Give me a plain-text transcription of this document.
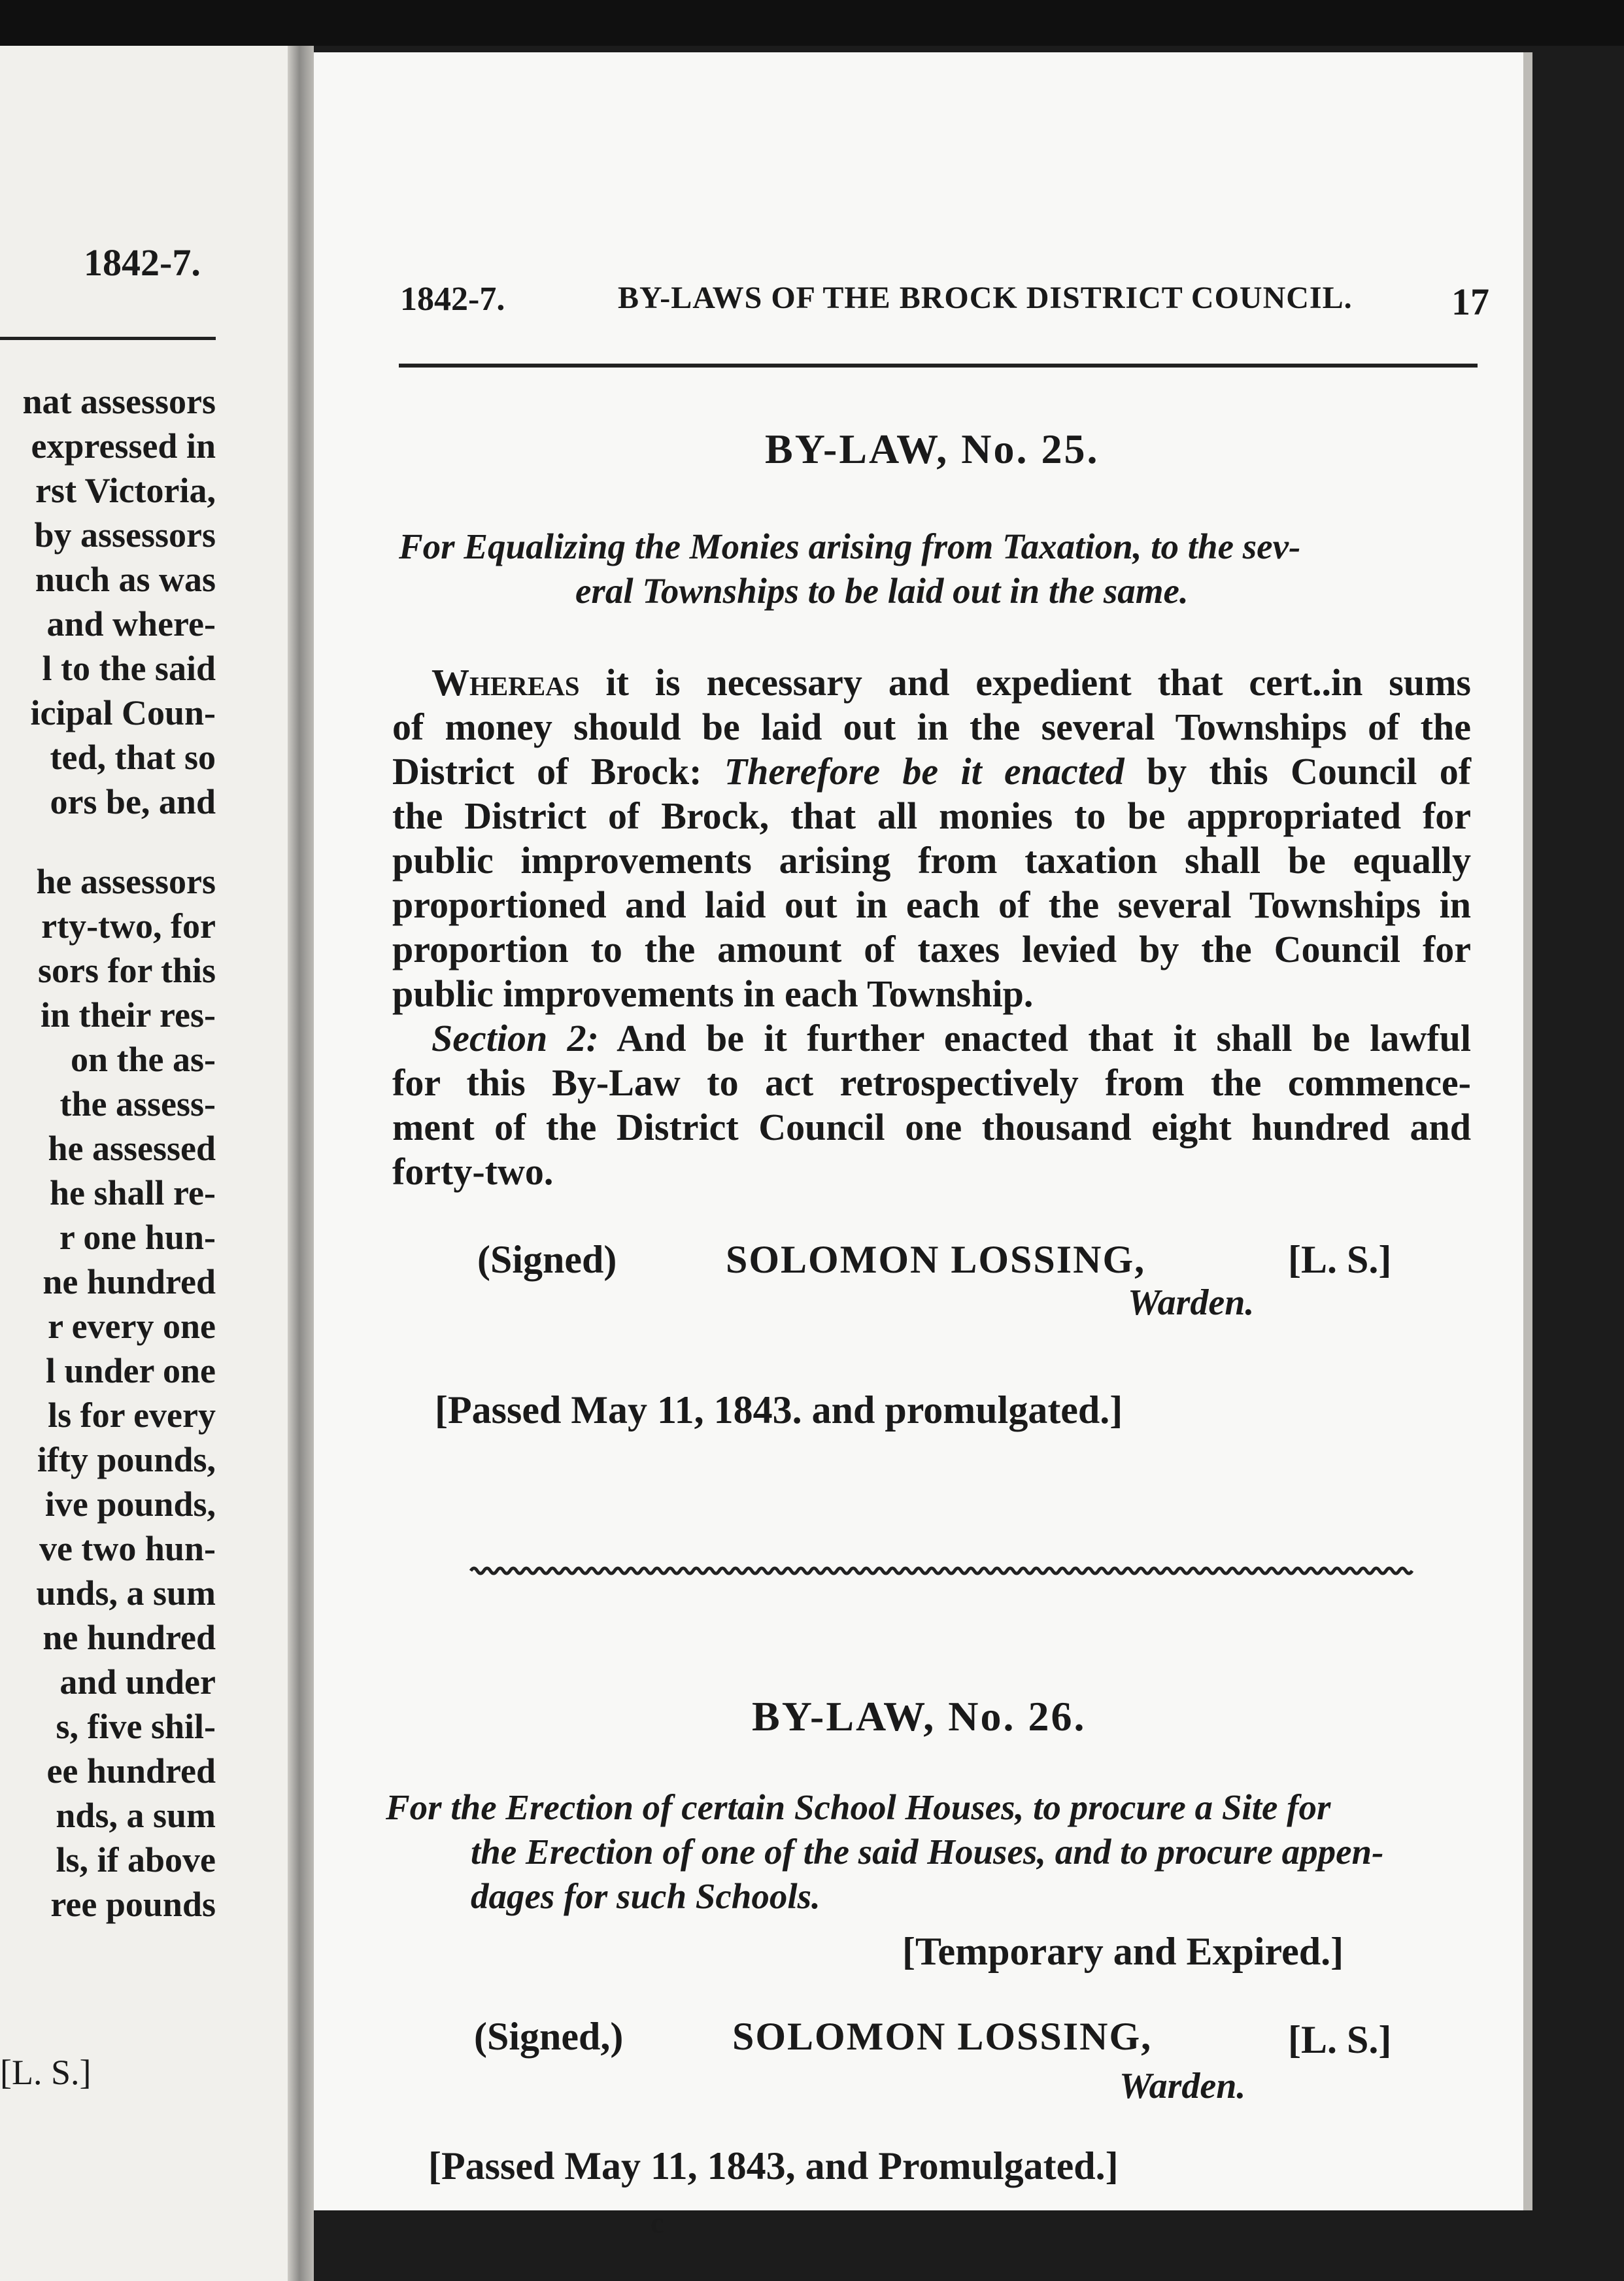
1842-7.
nat assessors
expressed in
rst Victoria,
by assessors
nuch as was
and where-
l to the said
icipal Coun-
ted, that so
ors be, and
he assessors
rty-two, for
sors for this
in their res-
on the as-
the assess-
he assessed
he shall re-
r one hun-
ne hundred
r every one
l under one
ls for every
ifty pounds,
ive pounds,
ve two hun-
unds, a sum
ne hundred
and under
s, five shil-
ee hundred
nds, a sum
ls, if above
ree pounds
[L. S.]
1842-7.	BY-LAWS OF THE BROCK DISTRICT COUNCIL.	17
BY-LAW, No. 25.
For Equalizing the Monies arising from Taxation, to the sev-
eral Townships to be laid out in the same.
Whereas it is necessary and expedient that cert..in sums
of money should be laid out in the several Townships of the
District of Brock: Therefore be it enacted by this Council of
the District of Brock, that all monies to be appropriated for
public improvements arising from taxation shall be equally
proportioned and laid out in each of the several Townships in
proportion to the amount of taxes levied by the Council for
public improvements in each Township.
Section 2: And be it further enacted that it shall be lawful
for this By-Law to act retrospectively from the commence-
ment of the District Council one thousand eight hundred and
forty-two.
(Signed)	SOLOMON LOSSING,	[L. S.]
Warden.
[Passed May 11, 1843. and promulgated.]
BY-LAW, No. 26.
For the Erection of certain School Houses, to procure a Site for
the Erection of one of the said Houses, and to procure appen-
dages for such Schools.
[Temporary and Expired.]
(Signed,)	SOLOMON LOSSING,	[L. S.]
Warden.
[Passed May 11, 1843, and Promulgated.]
c
